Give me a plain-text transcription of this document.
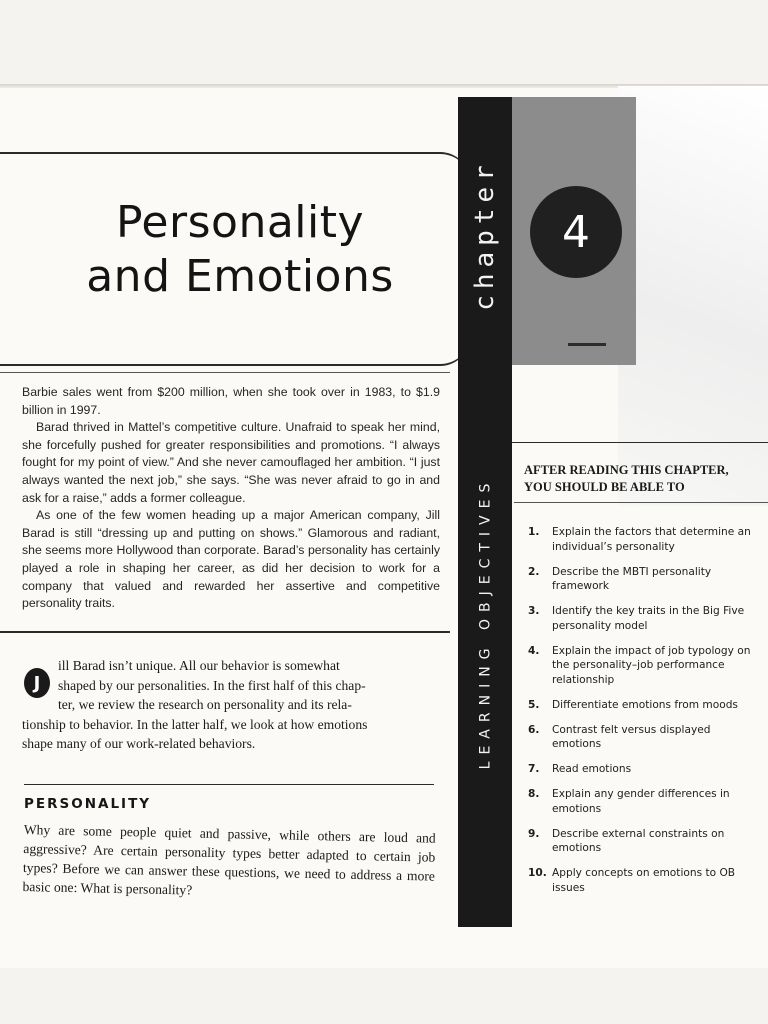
Personality
and Emotions	chapter 4
LEARNING OBJECTIVES

Barbie sales went from $200 million, when she took over in 1983, to $1.9 billion in 1997.

Barad thrived in Mattel’s competitive culture. Unafraid to speak her mind, she forcefully pushed for greater responsibilities and promotions. “I always fought for my point of view.” And she never camouflaged her ambition. “I just always wanted the next job,” she says. “She was never afraid to go in and ask for a raise,” adds a former colleague.

As one of the few women heading up a major American company, Jill Barad is still “dressing up and putting on shows.” Glamorous and radiant, she seems more Hollywood than corporate. Barad’s personality has certainly played a role in shaping her career, as did her decision to work for a company that valued and rewarded her assertive and competitive personality traits.

J

ill Barad isn’t unique. All our behavior is somewhat
shaped by our personalities. In the first half of this chap-
ter, we review the research on personality and its rela-
tionship to behavior. In the latter half, we look at how emotions
shape many of our work-related behaviors.

PERSONALITY

Why are some people quiet and passive, while others are loud and aggressive? Are certain personality types better adapted to certain job types? Before we can answer these questions, we need to address a more basic one: What is personality?

AFTER READING THIS CHAPTER,
YOU SHOULD BE ABLE TO

1. Explain the factors that determine an individual’s personality
2. Describe the MBTI personality framework
3. Identify the key traits in the Big Five personality model
4. Explain the impact of job typology on the personality–job performance relationship
5. Differentiate emotions from moods
6. Contrast felt versus displayed emotions
7. Read emotions
8. Explain any gender differences in emotions
9. Describe external constraints on emotions
10. Apply concepts on emotions to OB issues
